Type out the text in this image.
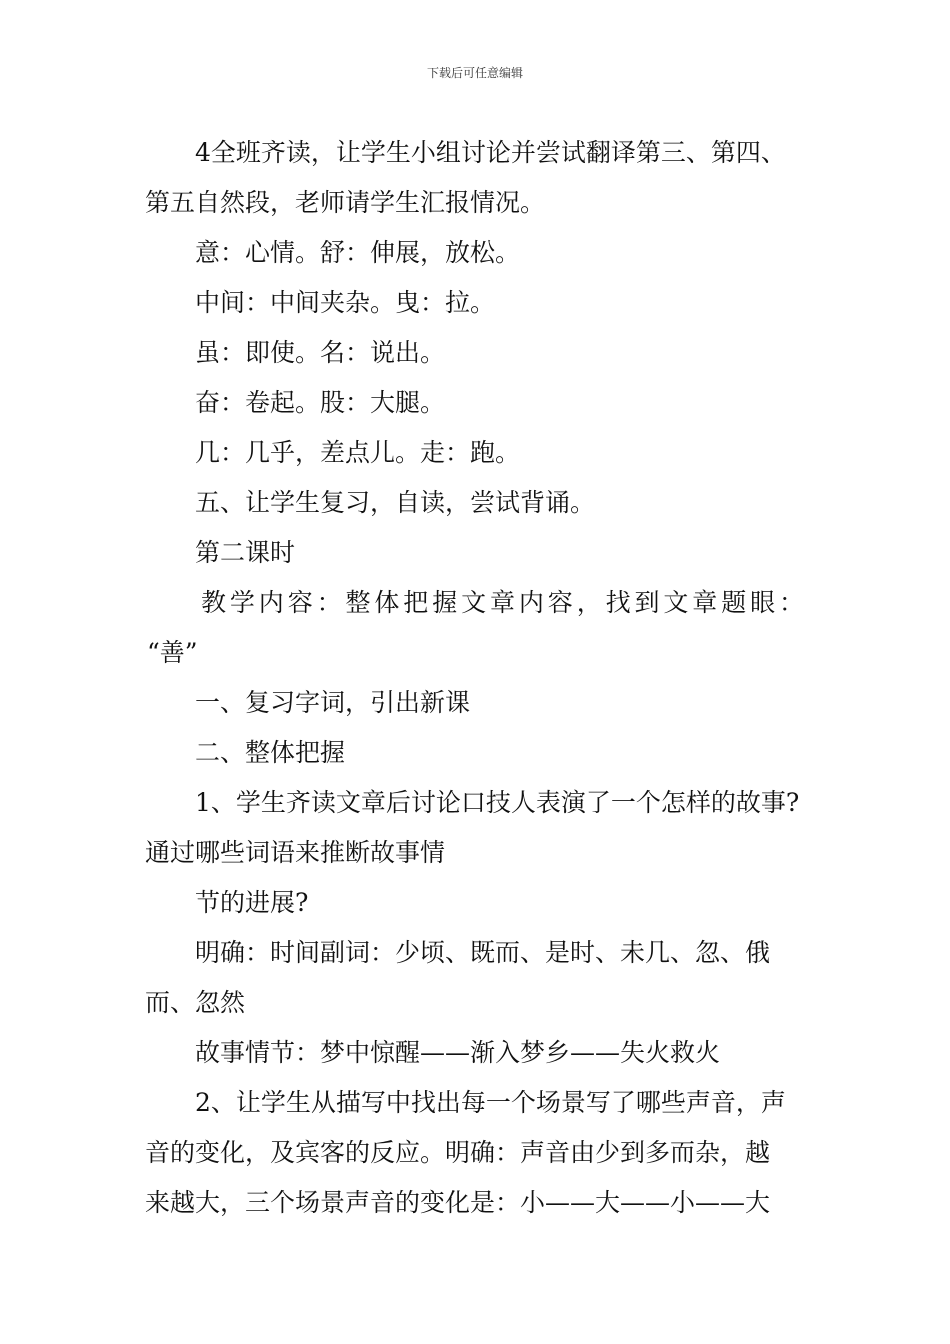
下载后可任意编辑
4全班齐读，让学生小组讨论并尝试翻译第三、第四、
第五自然段，老师请学生汇报情况。
意：心情。舒：伸展，放松。
中间：中间夹杂。曳：拉。
虽：即使。名：说出。
奋：卷起。股：大腿。
几：几乎，差点儿。走：跑。
五、让学生复习，自读，尝试背诵。
第二课时
教学内容：整体把握文章内容，找到文章题眼：
“善”
一、复习字词，引出新课
二、整体把握
1、学生齐读文章后讨论口技人表演了一个怎样的故事?
通过哪些词语来推断故事情
节的进展?
明确：时间副词：少顷、既而、是时、未几、忽、俄
而、忽然
故事情节：梦中惊醒——渐入梦乡——失火救火
2、让学生从描写中找出每一个场景写了哪些声音，声
音的变化，及宾客的反应。明确：声音由少到多而杂，越
来越大，三个场景声音的变化是：小——大——小——大
